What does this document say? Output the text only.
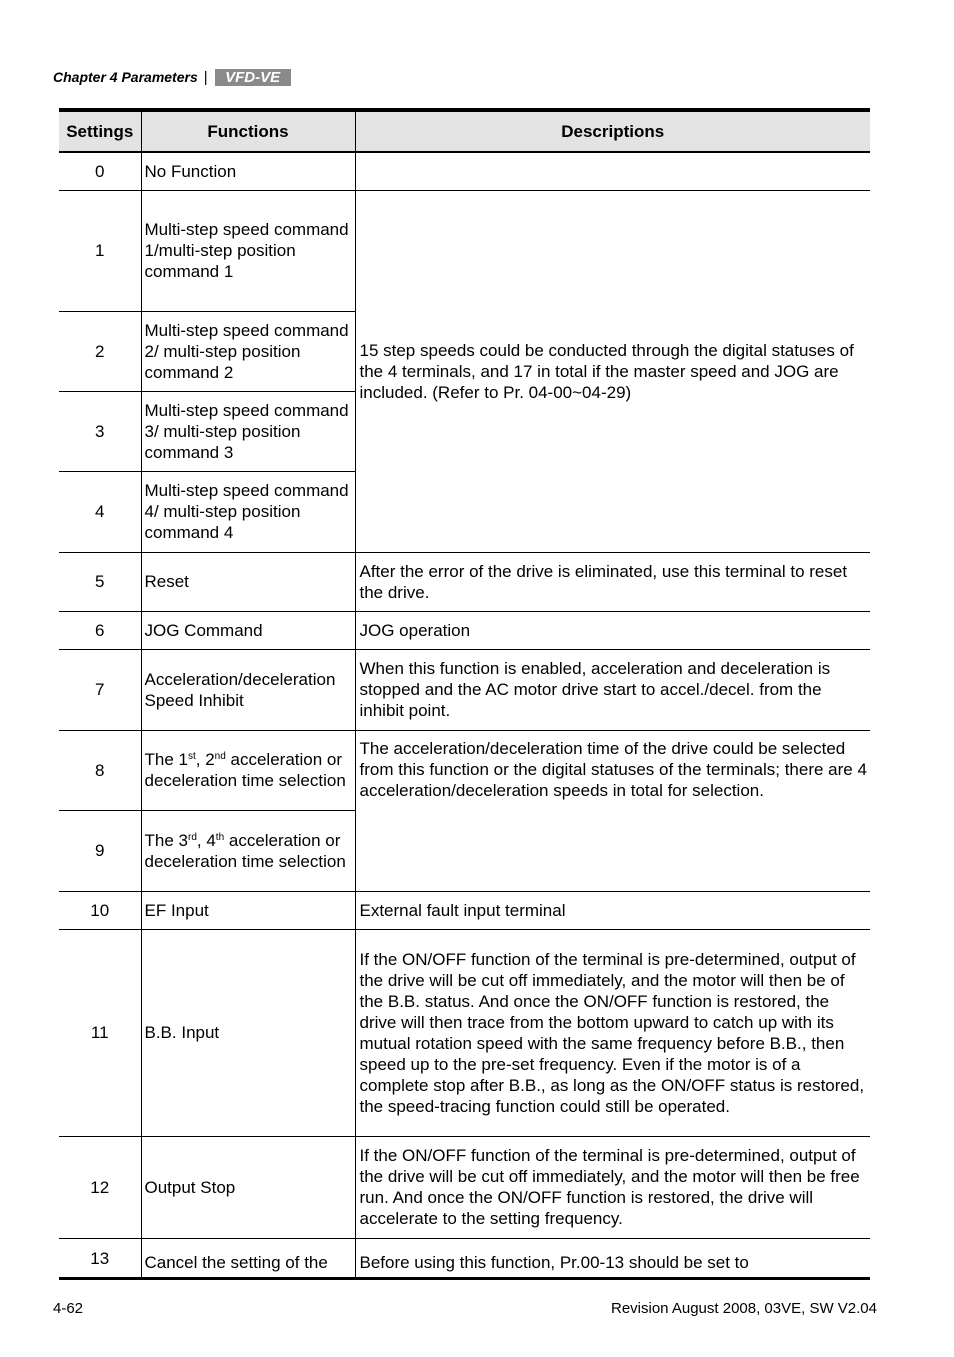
Chapter 4 Parameters |	VFD-VE
Settings	Functions	Descriptions
0	No Function	
1	Multi-step speed command 1/multi-step position command 1	15 step speeds could be conducted through the digital statuses of the 4 terminals, and 17 in total if the master speed and JOG are included. (Refer to Pr. 04-00~04-29)
2	Multi-step speed command 2/ multi-step position command 2	
3	Multi-step speed command 3/ multi-step position command 3	
4	Multi-step speed command 4/ multi-step position command 4	
5	Reset	After the error of the drive is eliminated, use this terminal to reset the drive.
6	JOG Command	JOG operation
7	Acceleration/deceleration Speed Inhibit	When this function is enabled, acceleration and deceleration is stopped and the AC motor drive start to accel./decel. from the inhibit point.
8	The 1st, 2nd acceleration or deceleration time selection	The acceleration/deceleration time of the drive could be selected from this function or the digital statuses of the terminals; there are 4 acceleration/deceleration speeds in total for selection.
9	The 3rd, 4th acceleration or deceleration time selection	
10	EF Input	External fault input terminal
11	B.B. Input	If the ON/OFF function of the terminal is pre-determined, output of the drive will be cut off immediately, and the motor will then be of the B.B. status. And once the ON/OFF function is restored, the drive will then trace from the bottom upward to catch up with its mutual rotation speed with the same frequency before B.B., then speed up to the pre-set frequency. Even if the motor is of a complete stop after B.B., as long as the ON/OFF status is restored, the speed-tracing function could still be operated.
12	Output Stop	If the ON/OFF function of the terminal is pre-determined, output of the drive will be cut off immediately, and the motor will then be free run. And once the ON/OFF function is restored, the drive will accelerate to the setting frequency.
13	Cancel the setting of the	Before using this function, Pr.00-13 should be set to
4-62	Revision August 2008, 03VE, SW V2.04
